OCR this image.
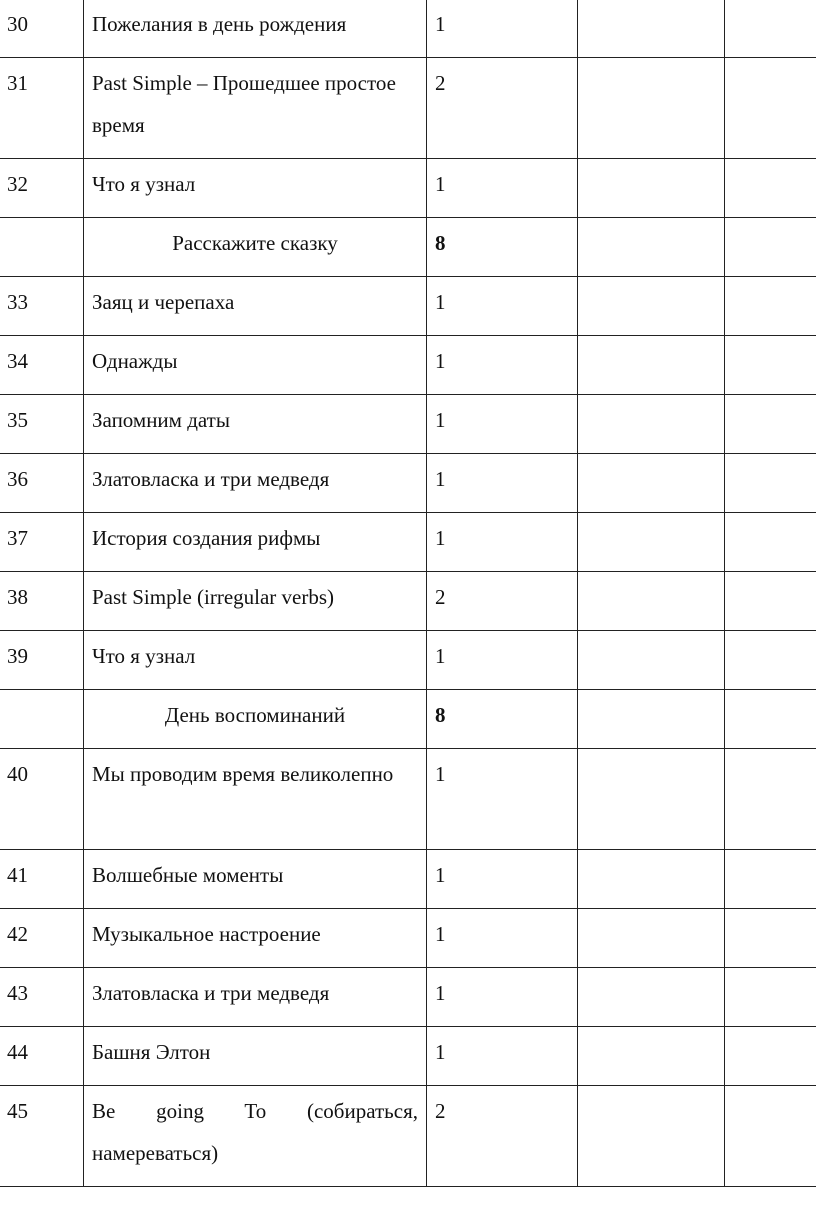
30	Пожелания в день рождения	1		
31	Past Simple – Прошедшее простое время	2		
32	Что я узнал	1		
	Расскажите сказку	8		
33	Заяц и черепаха	1		
34	Однажды	1		
35	Запомним даты	1		
36	Златовласка и три медведя	1		
37	История создания рифмы	1		
38	Past Simple (irregular verbs)	2		
39	Что я узнал	1		
	День воспоминаний	8		
40	Мы проводим время великолепно	1		
41	Волшебные моменты	1		
42	Музыкальное настроение	1		
43	Златовласка и три медведя	1		
44	Башня Элтон	1		
45	Be going To (собираться, намереваться)	2		
